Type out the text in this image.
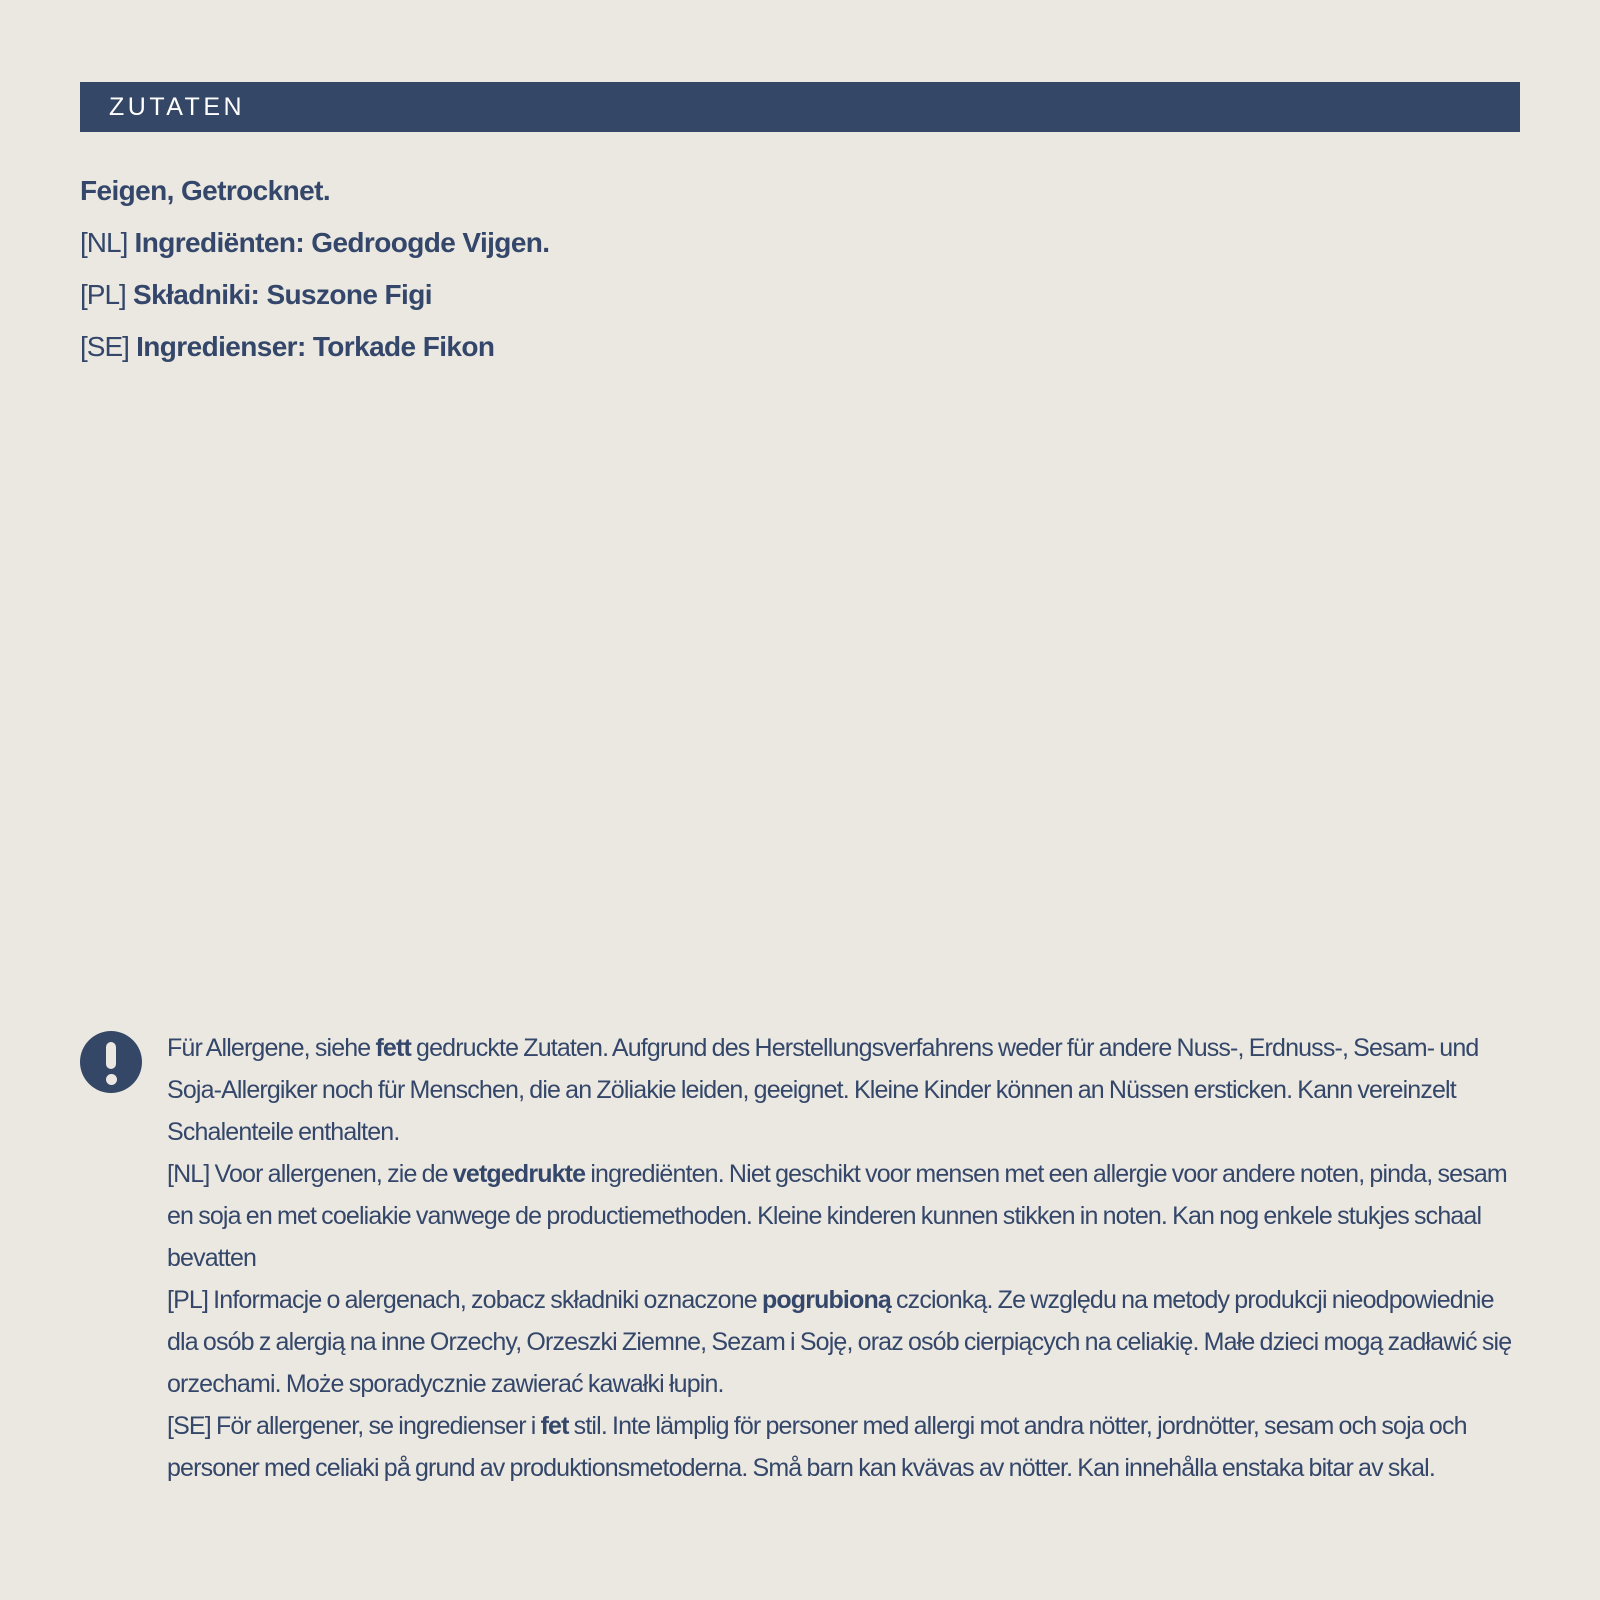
ZUTATEN
Feigen, Getrocknet.
[NL] Ingrediënten: Gedroogde Vijgen.
[PL] Składniki: Suszone Figi
[SE] Ingredienser: Torkade Fikon

Für Allergene, siehe fett gedruckte Zutaten. Aufgrund des Herstellungsverfahrens weder für andere Nuss-, Erdnuss-, Sesam- und Soja-Allergiker noch für Menschen, die an Zöliakie leiden, geeignet. Kleine Kinder können an Nüssen ersticken. Kann vereinzelt Schalenteile enthalten.

[NL] Voor allergenen, zie de vetgedrukte ingrediënten. Niet geschikt voor mensen met een allergie voor andere noten, pinda, sesam en soja en met coeliakie vanwege de productiemethoden. Kleine kinderen kunnen stikken in noten. Kan nog enkele stukjes schaal bevatten

[PL] Informacje o alergenach, zobacz składniki oznaczone pogrubioną czcionką. Ze względu na metody produkcji nieodpowiednie dla osób z alergią na inne Orzechy, Orzeszki Ziemne, Sezam i Soję, oraz osób cierpiących na celiakię. Małe dzieci mogą zadławić się orzechami. Może sporadycznie zawierać kawałki łupin.

[SE] För allergener, se ingredienser i fet stil. Inte lämplig för personer med allergi mot andra nötter, jordnötter, sesam och soja och personer med celiaki på grund av produktionsmetoderna. Små barn kan kvävas av nötter. Kan innehålla enstaka bitar av skal.
